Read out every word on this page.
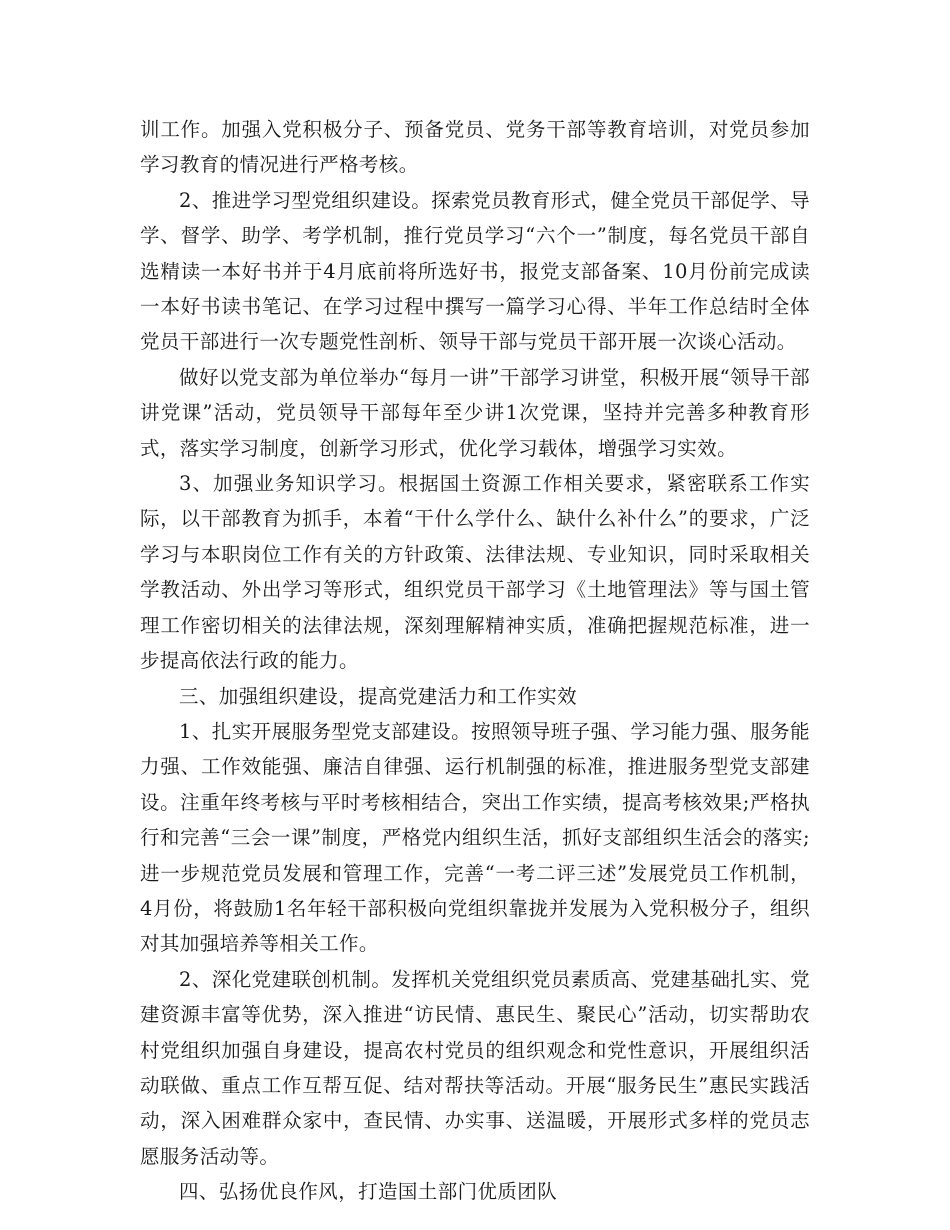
训工作。加强入党积极分子、预备党员、党务干部等教育培训，对党员参加学习教育的情况进行严格考核。

2、推进学习型党组织建设。探索党员教育形式，健全党员干部促学、导学、督学、助学、考学机制，推行党员学习“六个一”制度，每名党员干部自选精读一本好书并于4月底前将所选好书，报党支部备案、10月份前完成读一本好书读书笔记、在学习过程中撰写一篇学习心得、半年工作总结时全体党员干部进行一次专题党性剖析、领导干部与党员干部开展一次谈心活动。

做好以党支部为单位举办“每月一讲”干部学习讲堂，积极开展“领导干部讲党课”活动，党员领导干部每年至少讲1次党课，坚持并完善多种教育形式，落实学习制度，创新学习形式，优化学习载体，增强学习实效。

3、加强业务知识学习。根据国土资源工作相关要求，紧密联系工作实际，以干部教育为抓手，本着“干什么学什么、缺什么补什么”的要求，广泛学习与本职岗位工作有关的方针政策、法律法规、专业知识，同时采取相关学教活动、外出学习等形式，组织党员干部学习《土地管理法》等与国土管理工作密切相关的法律法规，深刻理解精神实质，准确把握规范标准，进一步提高依法行政的能力。

三、加强组织建设，提高党建活力和工作实效

1、扎实开展服务型党支部建设。按照领导班子强、学习能力强、服务能力强、工作效能强、廉洁自律强、运行机制强的标准，推进服务型党支部建设。注重年终考核与平时考核相结合，突出工作实绩，提高考核效果;严格执行和完善“三会一课”制度，严格党内组织生活，抓好支部组织生活会的落实;进一步规范党员发展和管理工作，完善“一考二评三述”发展党员工作机制，4月份，将鼓励1名年轻干部积极向党组织靠拢并发展为入党积极分子，组织对其加强培养等相关工作。

2、深化党建联创机制。发挥机关党组织党员素质高、党建基础扎实、党建资源丰富等优势，深入推进“访民情、惠民生、聚民心”活动，切实帮助农村党组织加强自身建设，提高农村党员的组织观念和党性意识，开展组织活动联做、重点工作互帮互促、结对帮扶等活动。开展“服务民生”惠民实践活动，深入困难群众家中，查民情、办实事、送温暖，开展形式多样的党员志愿服务活动等。

四、弘扬优良作风，打造国土部门优质团队
